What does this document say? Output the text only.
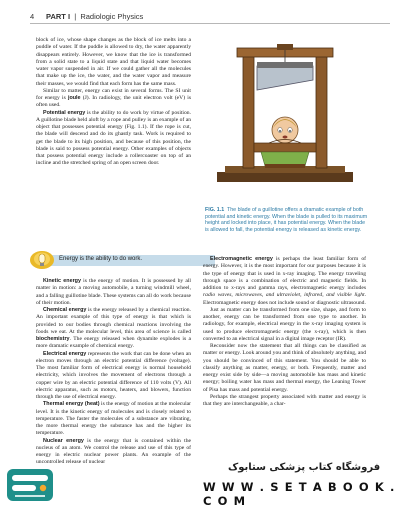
4 PART I  |  Radiologic Physics

block of ice, whose shape changes as the block of ice melts into a puddle of water. If the puddle is allowed to dry, the water apparently disappears entirely. However, we know that the ice is transformed from a solid state to a liquid state and that liquid water becomes water vapor suspended in air. If we could gather all the molecules that make up the ice, the water, and the water vapor and measure their masses, we would find that each form has the same mass.

Similar to matter, energy can exist in several forms. The SI unit for energy is joule (J). In radiology, the unit electron volt (eV) is often used.

Potential energy is the ability to do work by virtue of position. A guillotine blade held aloft by a rope and pulley is an example of an object that possesses potential energy (Fig. 1.1). If the rope is cut, the blade will descend and do its ghastly task. Work is required to get the blade to its high position, and because of this position, the blade is said to possess potential energy. Other examples of objects that possess potential energy include a rollercoaster on top of an incline and the stretched spring of an open screen door.

Energy is the ability to do work.

Kinetic energy is the energy of motion. It is possessed by all matter in motion: a moving automobile, a turning windmill wheel, and a falling guillotine blade. These systems can all do work because of their motion.

Chemical energy is the energy released by a chemical reaction. An important example of this type of energy is that which is provided to our bodies through chemical reactions involving the foods we eat. At the molecular level, this area of science is called biochemistry. The energy released when dynamite explodes is a more dramatic example of chemical energy.

Electrical energy represents the work that can be done when an electron moves through an electric potential difference (voltage). The most familiar form of electrical energy is normal household electricity, which involves the movement of electrons through a copper wire by an electric potential difference of 110 volts (V). All electric apparatus, such as motors, heaters, and blowers, function through the use of electrical energy.

Thermal energy (heat) is the energy of motion at the molecular level. It is the kinetic energy of molecules and is closely related to temperature. The faster the molecules of a substance are vibrating, the more thermal energy the substance has and the higher its temperature.

Nuclear energy is the energy that is contained within the nucleus of an atom. We control the release and use of this type of energy in electric nuclear power plants. An example of the uncontrolled release of nuclear

FIG. 1.1 The blade of a guillotine offers a dramatic example of both potential and kinetic energy. When the blade is pulled to its maximum height and locked into place, it has potential energy. When the blade is allowed to fall, the potential energy is released as kinetic energy.

Electromagnetic energy is perhaps the least familiar form of energy. However, it is the most important for our purposes because it is the type of energy that is used in x-ray imaging. The energy traveling through space is a combination of electric and magnetic fields. In addition to x-rays and gamma rays, electromagnetic energy includes radio waves, microwaves, and ultraviolet, infrared, and visible light. Electromagnetic energy does not include sound or diagnostic ultrasound.

Just as matter can be transformed from one size, shape, and form to another, energy can be transformed from one type to another. In radiology, for example, electrical energy in the x-ray imaging system is used to produce electromagnetic energy (the x-ray), which is then converted to an electrical signal in a digital image receptor (IR).

Reconsider now the statement that all things can be classified as matter or energy. Look around you and think of absolutely anything, and you should be convinced of this statement. You should be able to classify anything as matter, energy, or both. Frequently, matter and energy exist side by side—a moving automobile has mass and kinetic energy; boiling water has mass and thermal energy, the Leaning Tower of Pisa has mass and potential energy.

Perhaps the strangest property associated with matter and energy is that they are interchangeable, a char-

فروشگاه کتاب پزشکی ستابوک
W W W . S E T A B O O K . C O M
